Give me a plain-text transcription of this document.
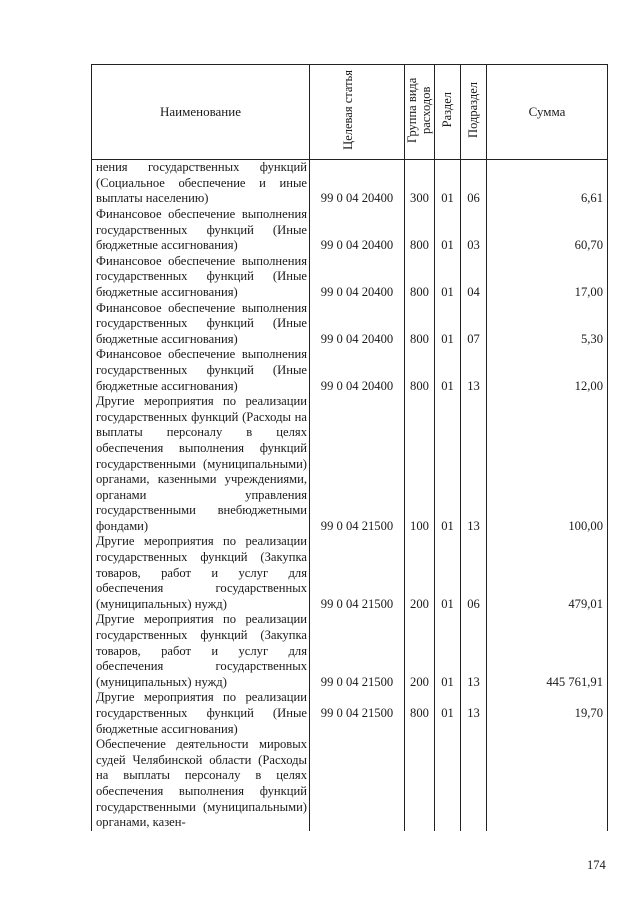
Наименование	Целевая статья	Группа вида расходов	Раздел	Подраздел	Сумма
нения государственных функций (Социальное обеспечение и иные выплаты населению)	99 0 04 20400	300	01	06	6,61
Финансовое обеспечение выполнения государственных функций (Иные бюджетные ассигнования)	99 0 04 20400	800	01	03	60,70
Финансовое обеспечение выполнения государственных функций (Иные бюджетные ассигнования)	99 0 04 20400	800	01	04	17,00
Финансовое обеспечение выполнения государственных функций (Иные бюджетные ассигнования)	99 0 04 20400	800	01	07	5,30
Финансовое обеспечение выполнения государственных функций (Иные бюджетные ассигнования)	99 0 04 20400	800	01	13	12,00
Другие мероприятия по реализации государственных функций (Расходы на выплаты персоналу в целях обеспечения выполнения функций государственными (муниципальными) органами, казенными учреждениями, органами управления государственными внебюджетными фондами)	99 0 04 21500	100	01	13	100,00
Другие мероприятия по реализации государственных функций (Закупка товаров, работ и услуг для обеспечения государственных (муниципальных) нужд)	99 0 04 21500	200	01	06	479,01
Другие мероприятия по реализации государственных функций (Закупка товаров, работ и услуг для обеспечения государственных (муниципальных) нужд)	99 0 04 21500	200	01	13	445 761,91
Другие мероприятия по реализации государственных функций (Иные бюджетные ассигнования)	99 0 04 21500	800	01	13	19,70
Обеспечение деятельности мировых судей Челябинской области (Расходы на выплаты персоналу в целях обеспечения выполнения функций государственными (муниципальными) органами, казен-					
174
